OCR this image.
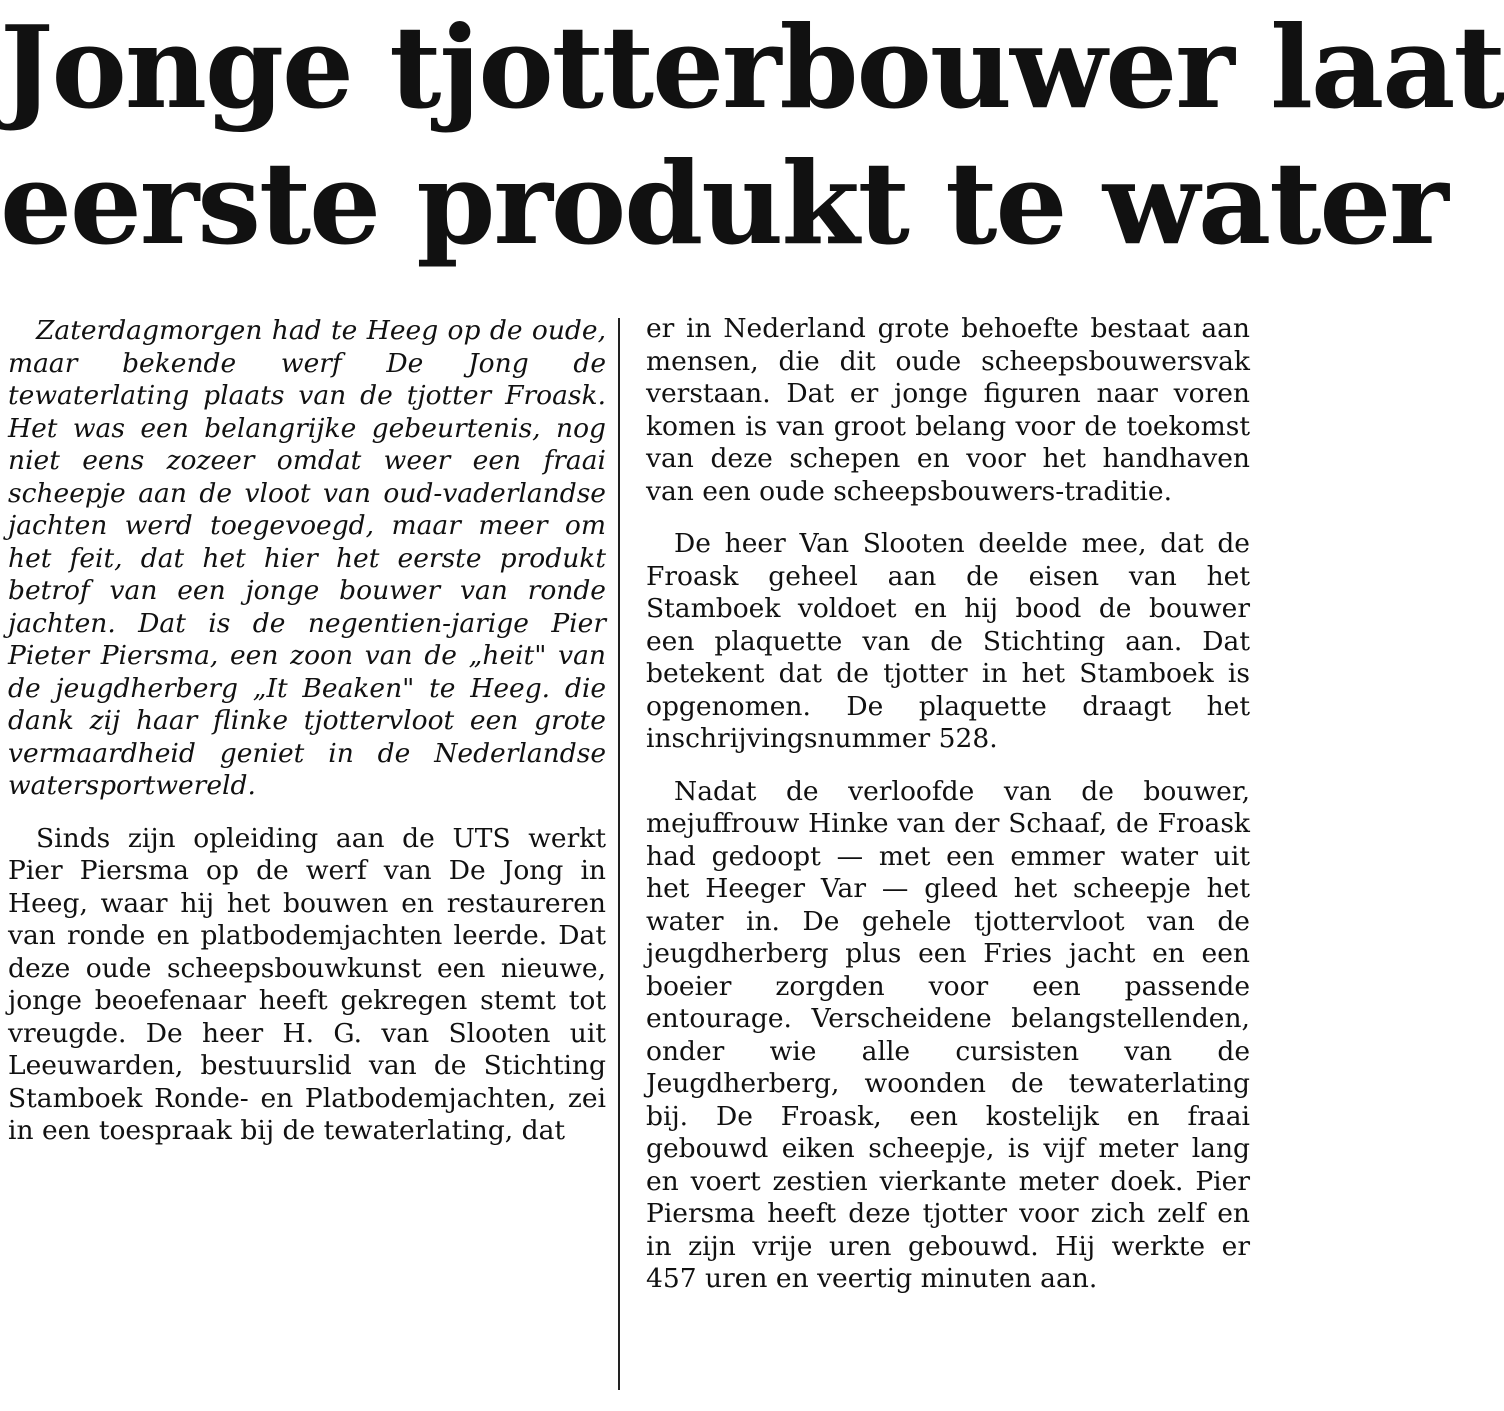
Jonge tjotterbouwer laat
eerste produkt te water

Zaterdagmorgen had te Heeg op de oude, maar bekende werf De Jong de tewaterlating plaats van de tjotter Froask. Het was een belangrijke gebeurtenis, nog niet eens zozeer omdat weer een fraai scheepje aan de vloot van oud-vaderlandse jachten werd toegevoegd, maar meer om het feit, dat het hier het eerste produkt betrof van een jonge bouwer van ronde jachten. Dat is de negentien-jarige Pier Pieter Piersma, een zoon van de „heit" van de jeugdherberg „It Beaken" te Heeg. die dank zij haar flinke tjottervloot een grote vermaardheid geniet in de Nederlandse watersportwereld.

Sinds zijn opleiding aan de UTS werkt Pier Piersma op de werf van De Jong in Heeg, waar hij het bouwen en restaureren van ronde en platbodemjachten leerde. Dat deze oude scheepsbouwkunst een nieuwe, jonge beoefenaar heeft gekregen stemt tot vreugde. De heer H. G. van Slooten uit Leeuwarden, bestuurslid van de Stichting Stamboek Ronde- en Platbodemjachten, zei in een toespraak bij de tewaterlating, dat

er in Nederland grote behoefte bestaat aan mensen, die dit oude scheepsbouwersvak verstaan. Dat er jonge figuren naar voren komen is van groot belang voor de toekomst van deze schepen en voor het handhaven van een oude scheepsbouwers-traditie.

De heer Van Slooten deelde mee, dat de Froask geheel aan de eisen van het Stamboek voldoet en hij bood de bouwer een plaquette van de Stichting aan. Dat betekent dat de tjotter in het Stamboek is opgenomen. De plaquette draagt het inschrijvingsnummer 528.

Nadat de verloofde van de bouwer, mejuffrouw Hinke van der Schaaf, de Froask had gedoopt — met een emmer water uit het Heeger Var — gleed het scheepje het water in. De gehele tjottervloot van de jeugdherberg plus een Fries jacht en een boeier zorgden voor een passende entourage. Verscheidene belangstellenden, onder wie alle cursisten van de Jeugdherberg, woonden de tewaterlating bij. De Froask, een kostelijk en fraai gebouwd eiken scheepje, is vijf meter lang en voert zestien vierkante meter doek. Pier Piersma heeft deze tjotter voor zich zelf en in zijn vrije uren gebouwd. Hij werkte er 457 uren en veertig minuten aan.
